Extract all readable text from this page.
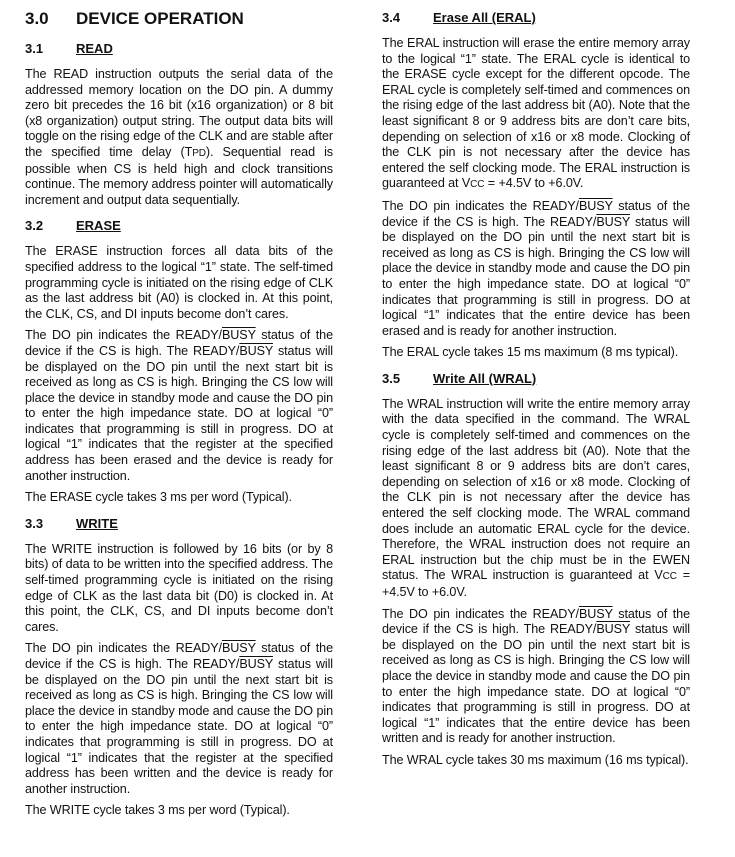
3.0	DEVICE OPERATION
3.1	READ

The READ instruction outputs the serial data of the addressed memory location on the DO pin. A dummy zero bit precedes the 16 bit (x16 organization) or 8 bit (x8 organization) output string. The output data bits will toggle on the rising edge of the CLK and are stable after the specified time delay (TPD). Sequential read is possible when CS is held high and clock transitions continue. The memory address pointer will automatically increment and output data sequentially.

3.2	ERASE

The ERASE instruction forces all data bits of the specified address to the logical “1” state. The self-timed programming cycle is initiated on the rising edge of CLK as the last address bit (A0) is clocked in. At this point, the CLK, CS, and DI inputs become don’t cares.

The DO pin indicates the READY/BUSY status of the device if the CS is high. The READY/BUSY status will be displayed on the DO pin until the next start bit is received as long as CS is high. Bringing the CS low will place the device in standby mode and cause the DO pin to enter the high impedance state. DO at logical “0” indicates that programming is still in progress. DO at logical “1” indicates that the register at the specified address has been erased and the device is ready for another instruction.

The ERASE cycle takes 3 ms per word (Typical).

3.3	WRITE

The WRITE instruction is followed by 16 bits (or by 8 bits) of data to be written into the specified address. The self-timed programming cycle is initiated on the rising edge of CLK as the last data bit (D0) is clocked in. At this point, the CLK, CS, and DI inputs become don’t cares.

The DO pin indicates the READY/BUSY status of the device if the CS is high. The READY/BUSY status will be displayed on the DO pin until the next start bit is received as long as CS is high. Bringing the CS low will place the device in standby mode and cause the DO pin to enter the high impedance state. DO at logical “0” indicates that programming is still in progress. DO at logical “1” indicates that the register at the specified address has been written and the device is ready for another instruction.

The WRITE cycle takes 3 ms per word (Typical).

3.4	Erase All (ERAL)

The ERAL instruction will erase the entire memory array to the logical “1” state. The ERAL cycle is identical to the ERASE cycle except for the different opcode. The ERAL cycle is completely self-timed and commences on the rising edge of the last address bit (A0). Note that the least significant 8 or 9 address bits are don’t care bits, depending on selection of x16 or x8 mode. Clocking of the CLK pin is not necessary after the device has entered the self clocking mode. The ERAL instruction is guaranteed at VCC = +4.5V to +6.0V.

The DO pin indicates the READY/BUSY status of the device if the CS is high. The READY/BUSY status will be displayed on the DO pin until the next start bit is received as long as CS is high. Bringing the CS low will place the device in standby mode and cause the DO pin to enter the high impedance state. DO at logical “0” indicates that programming is still in progress. DO at logical “1” indicates that the entire device has been erased and is ready for another instruction.

The ERAL cycle takes 15 ms maximum (8 ms typical).

3.5	Write All (WRAL)

The WRAL instruction will write the entire memory array with the data specified in the command. The WRAL cycle is completely self-timed and commences on the rising edge of the last address bit (A0). Note that the least significant 8 or 9 address bits are don’t cares, depending on selection of x16 or x8 mode. Clocking of the CLK pin is not necessary after the device has entered the self clocking mode. The WRAL command does include an automatic ERAL cycle for the device. Therefore, the WRAL instruction does not require an ERAL instruction but the chip must be in the EWEN status. The WRAL instruction is guaranteed at VCC = +4.5V to +6.0V.

The DO pin indicates the READY/BUSY status of the device if the CS is high. The READY/BUSY status will be displayed on the DO pin until the next start bit is received as long as CS is high. Bringing the CS low will place the device in standby mode and cause the DO pin to enter the high impedance state. DO at logical “0” indicates that programming is still in progress. DO at logical “1” indicates that the entire device has been written and is ready for another instruction.

The WRAL cycle takes 30 ms maximum (16 ms typical).
